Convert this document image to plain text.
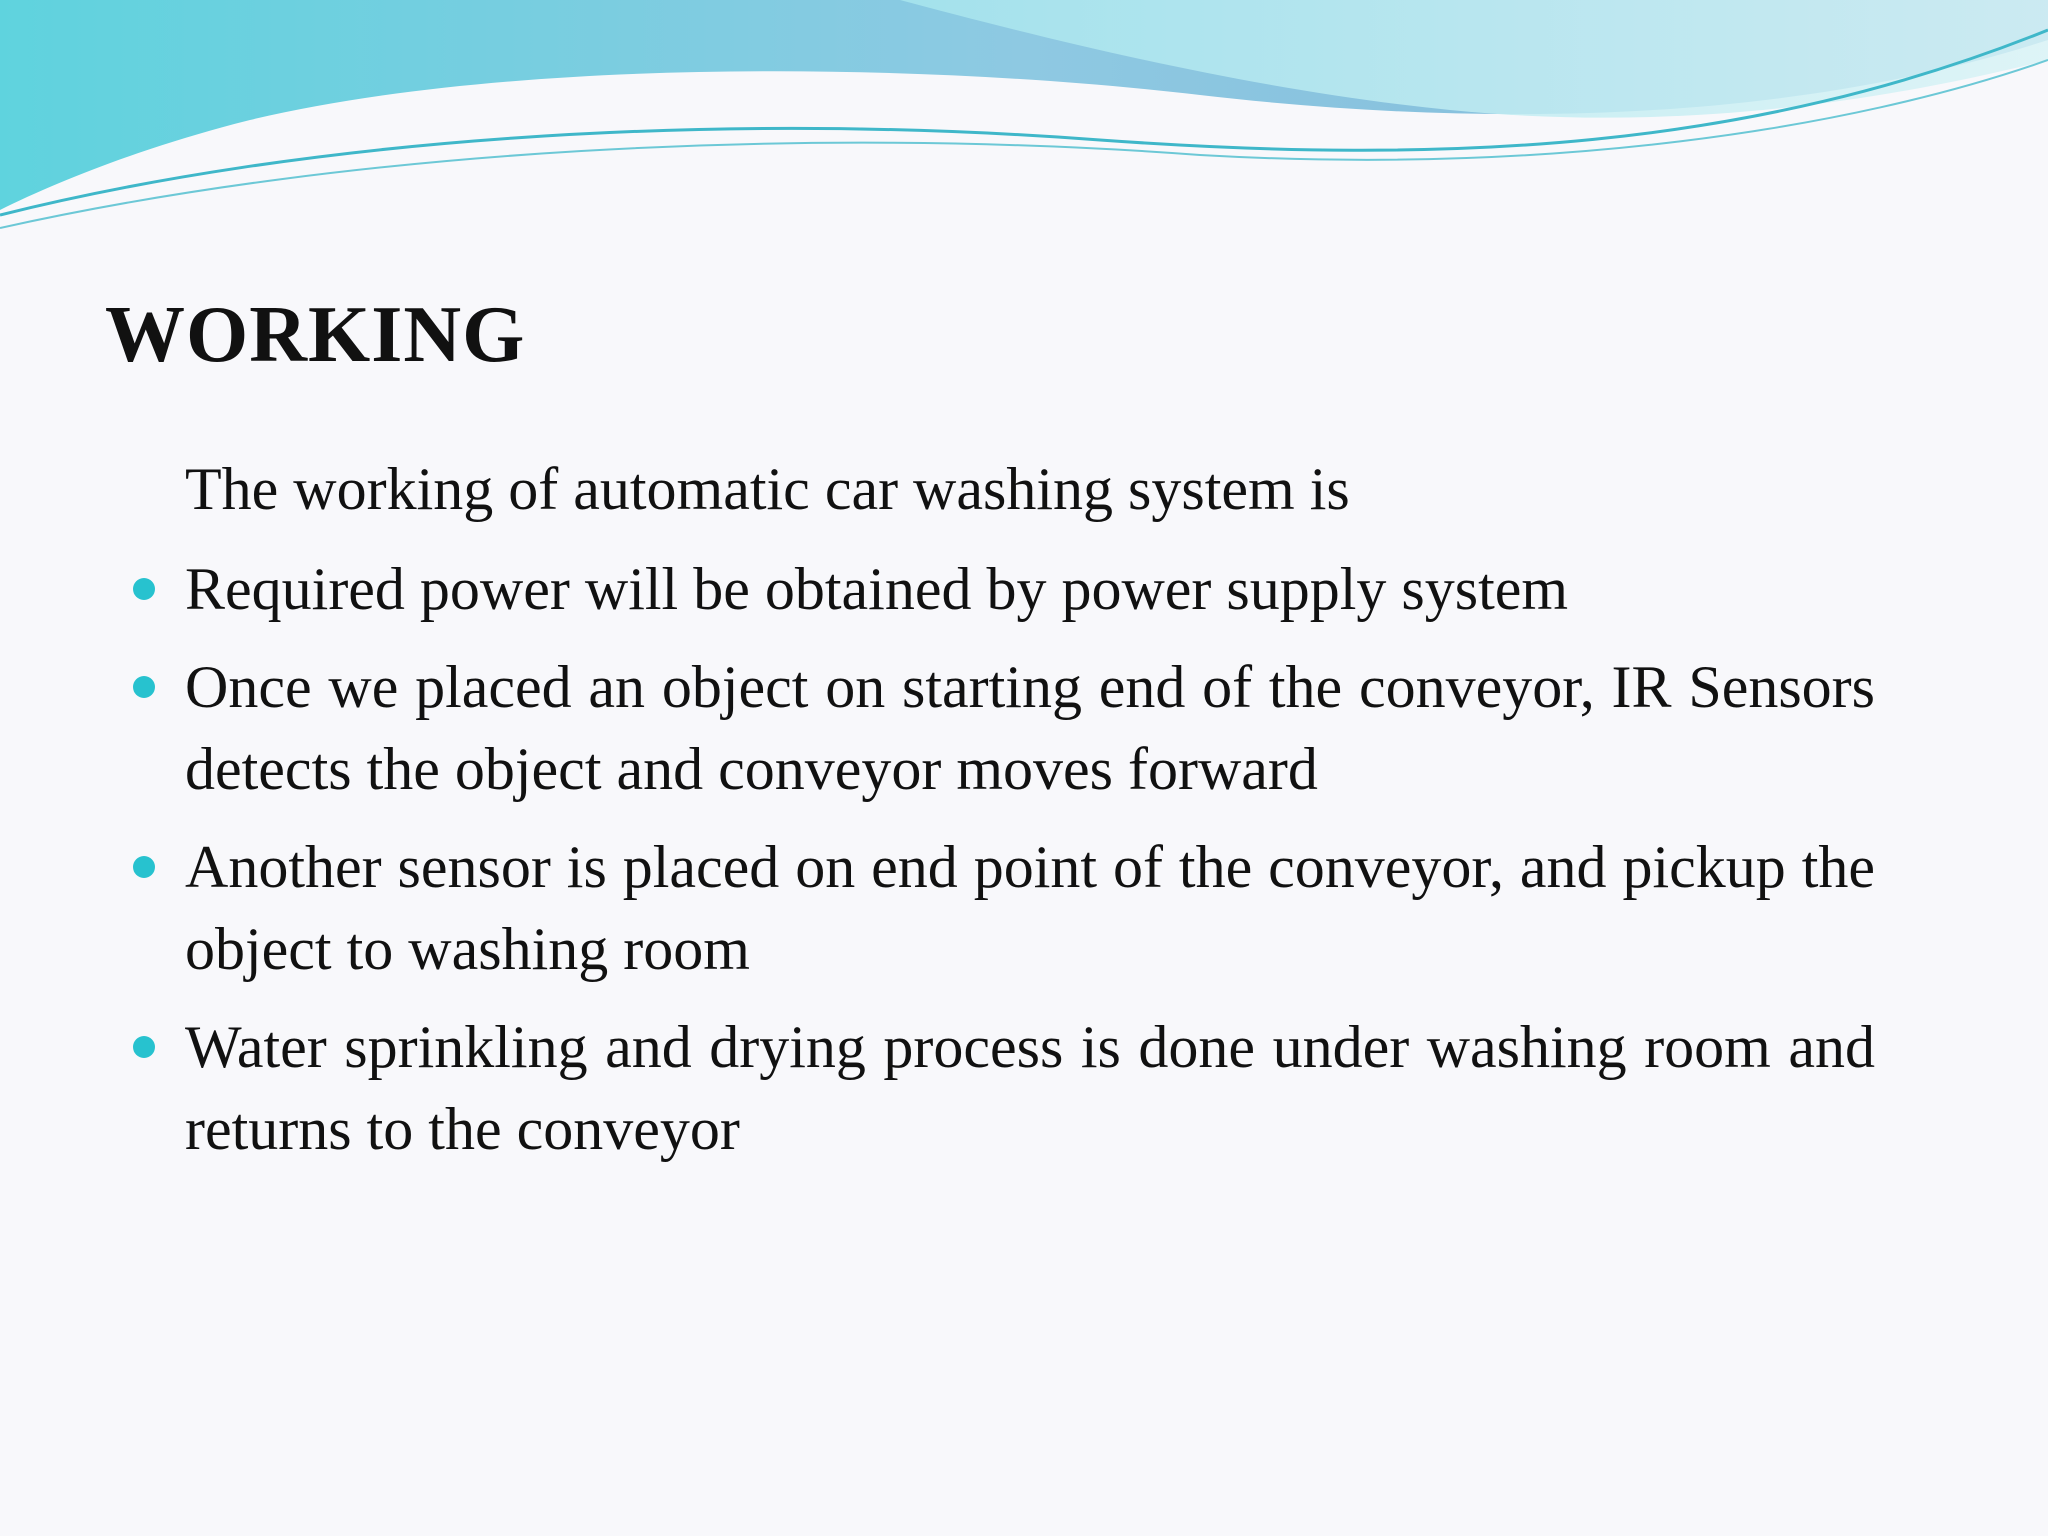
WORKING

The working of automatic car washing system is

Required power will be obtained by power supply system
Once we placed an object on starting end of the conveyor, IR Sensors detects the object and conveyor moves forward
Another sensor is placed on end point of the conveyor, and pickup the object to washing room
Water sprinkling and drying process is done under washing room and returns to the conveyor
